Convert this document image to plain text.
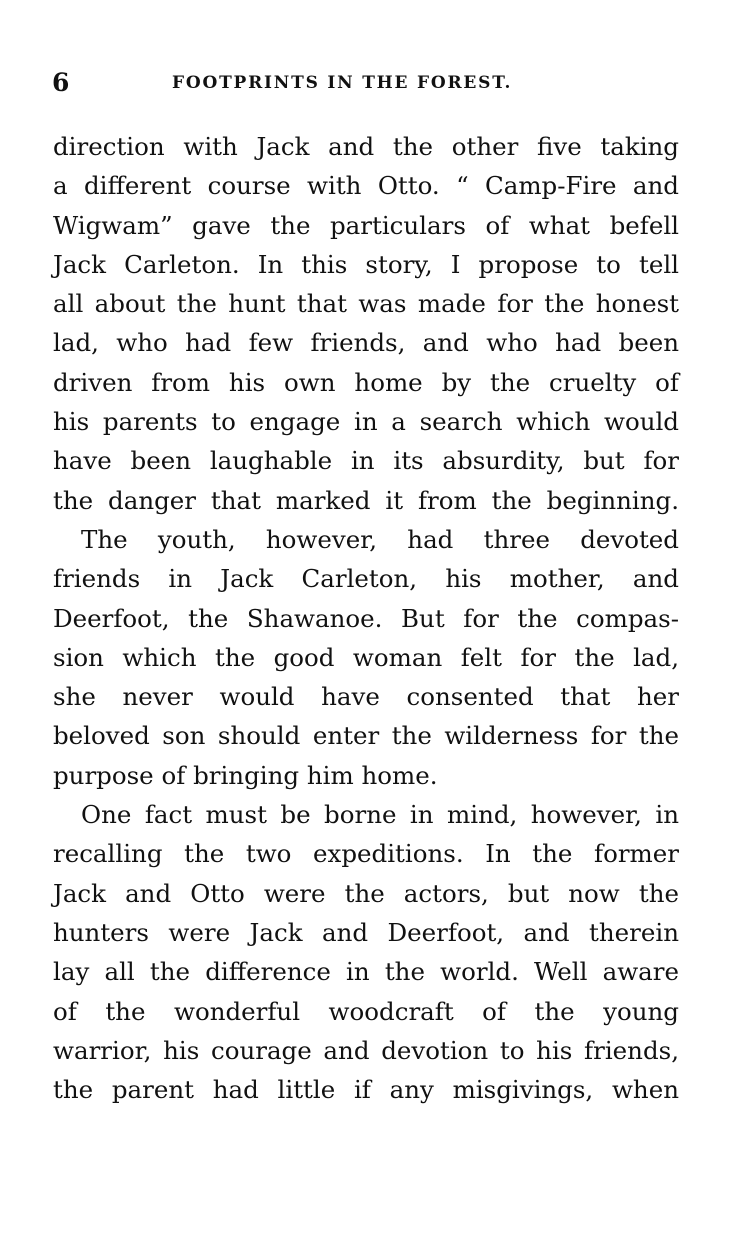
6	FOOTPRINTS IN THE FOREST.
direction with Jack and the other five taking
a different course with Otto. “ Camp-Fire and
Wigwam” gave the particulars of what befell
Jack Carleton. In this story, I propose to tell
all about the hunt that was made for the honest
lad, who had few friends, and who had been
driven from his own home by the cruelty of
his parents to engage in a search which would
have been laughable in its absurdity, but for
the danger that marked it from the beginning.
The youth, however, had three devoted
friends in Jack Carleton, his mother, and
Deerfoot, the Shawanoe. But for the compas-
sion which the good woman felt for the lad,
she never would have consented that her
beloved son should enter the wilderness for the
purpose of bringing him home.
One fact must be borne in mind, however, in
recalling the two expeditions. In the former
Jack and Otto were the actors, but now the
hunters were Jack and Deerfoot, and therein
lay all the difference in the world. Well aware
of the wonderful woodcraft of the young
warrior, his courage and devotion to his friends,
the parent had little if any misgivings, when
